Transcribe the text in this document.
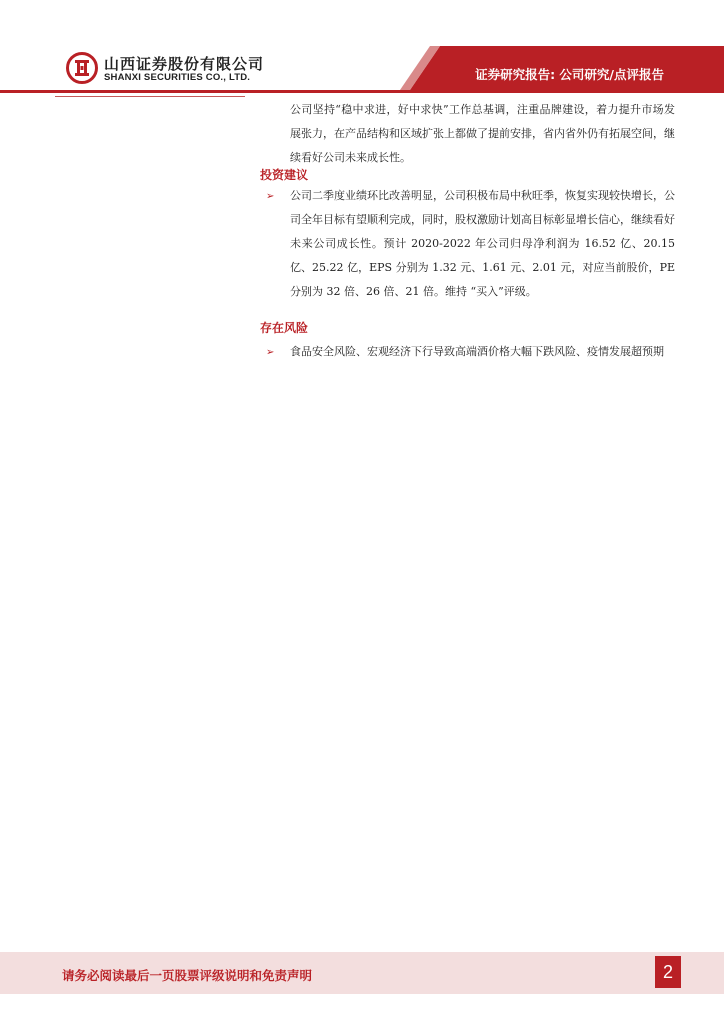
山西证券股份有限公司
SHANXI SECURITIES CO., LTD.	证券研究报告: 公司研究/点评报告
公司坚持“稳中求进，好中求快”工作总基调，注重品牌建设，着力提升市场发展张力，在产品结构和区域扩张上都做了提前安排，省内省外仍有拓展空间，继续看好公司未来成长性。
投资建议
➢ 公司二季度业绩环比改善明显，公司积极布局中秋旺季，恢复实现较快增长，公司全年目标有望顺利完成，同时，股权激励计划高目标彰显增长信心，继续看好未来公司成长性。预计 2020-2022 年公司归母净利润为 16.52 亿、20.15 亿、25.22 亿，EPS 分别为 1.32 元、1.61 元、2.01 元，对应当前股价，PE 分别为 32 倍、26 倍、21 倍。维持 “买入”评级。
存在风险
➢ 食品安全风险、宏观经济下行导致高端酒价格大幅下跌风险、疫情发展超预期
请务必阅读最后一页股票评级说明和免责声明	2
